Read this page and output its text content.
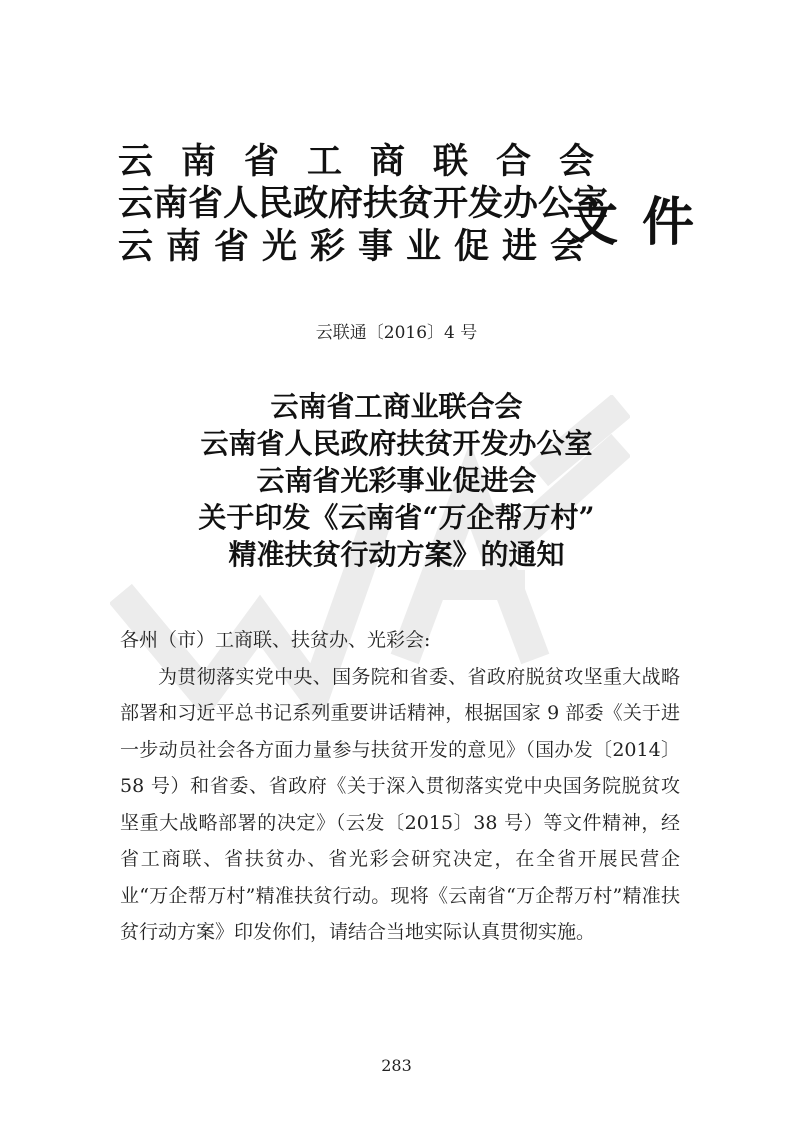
云南省工商联合会
云南省人民政府扶贫开发办公室
云南省光彩事业促进会
文件
云联通〔2016〕4 号
云南省工商业联合会
云南省人民政府扶贫开发办公室
云南省光彩事业促进会
关于印发《云南省“万企帮万村”
精准扶贫行动方案》的通知

各州（市）工商联、扶贫办、光彩会:

为贯彻落实党中央、国务院和省委、省政府脱贫攻坚重大战略部署和习近平总书记系列重要讲话精神，根据国家 9 部委《关于进一步动员社会各方面力量参与扶贫开发的意见》（国办发〔2014〕58 号）和省委、省政府《关于深入贯彻落实党中央国务院脱贫攻坚重大战略部署的决定》（云发〔2015〕38 号）等文件精神，经省工商联、省扶贫办、省光彩会研究决定，在全省开展民营企业“万企帮万村”精准扶贫行动。现将《云南省“万企帮万村”精准扶贫行动方案》印发你们，请结合当地实际认真贯彻实施。

283
